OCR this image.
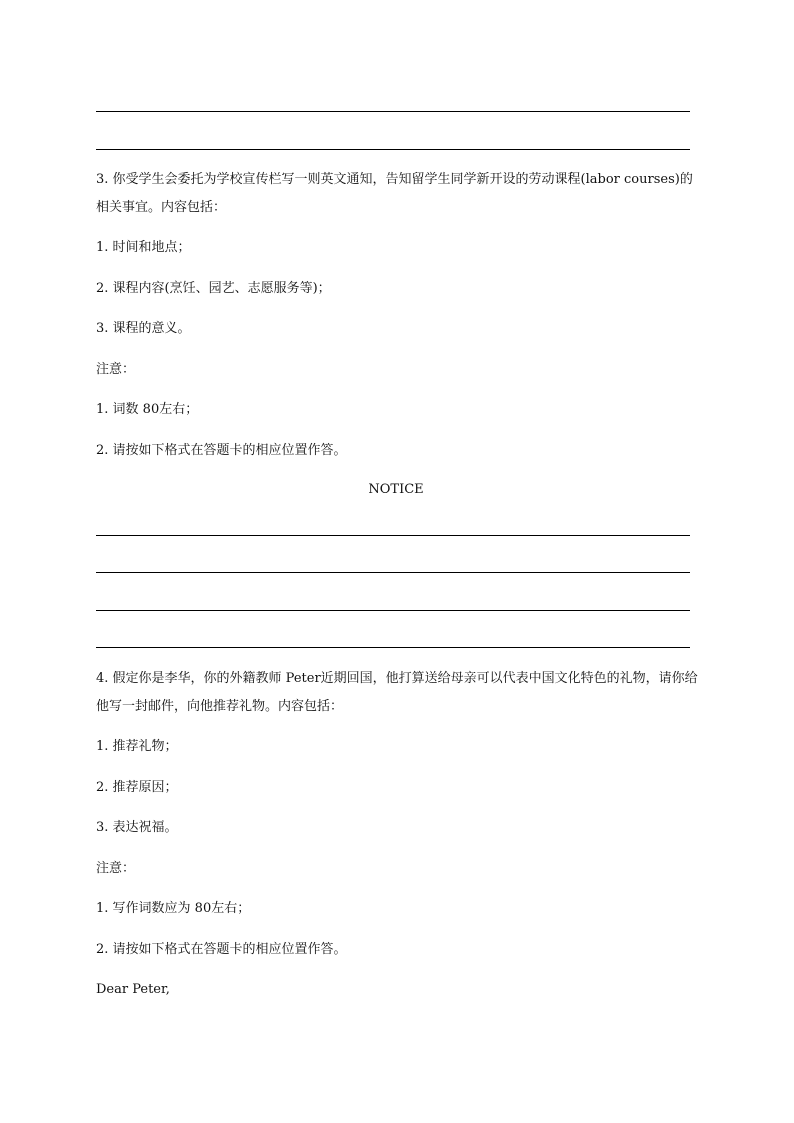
3. 你受学生会委托为学校宣传栏写一则英文通知，告知留学生同学新开设的劳动课程(labor courses)的相关事宜。内容包括：
1. 时间和地点；
2. 课程内容(烹饪、园艺、志愿服务等)；
3. 课程的意义。
注意：
1. 词数 80左右；
2. 请按如下格式在答题卡的相应位置作答。
NOTICE
4. 假定你是李华，你的外籍教师 Peter近期回国，他打算送给母亲可以代表中国文化特色的礼物，请你给他写一封邮件，向他推荐礼物。内容包括：
1. 推荐礼物；
2. 推荐原因；
3. 表达祝福。
注意：
1. 写作词数应为 80左右；
2. 请按如下格式在答题卡的相应位置作答。
Dear Peter,
